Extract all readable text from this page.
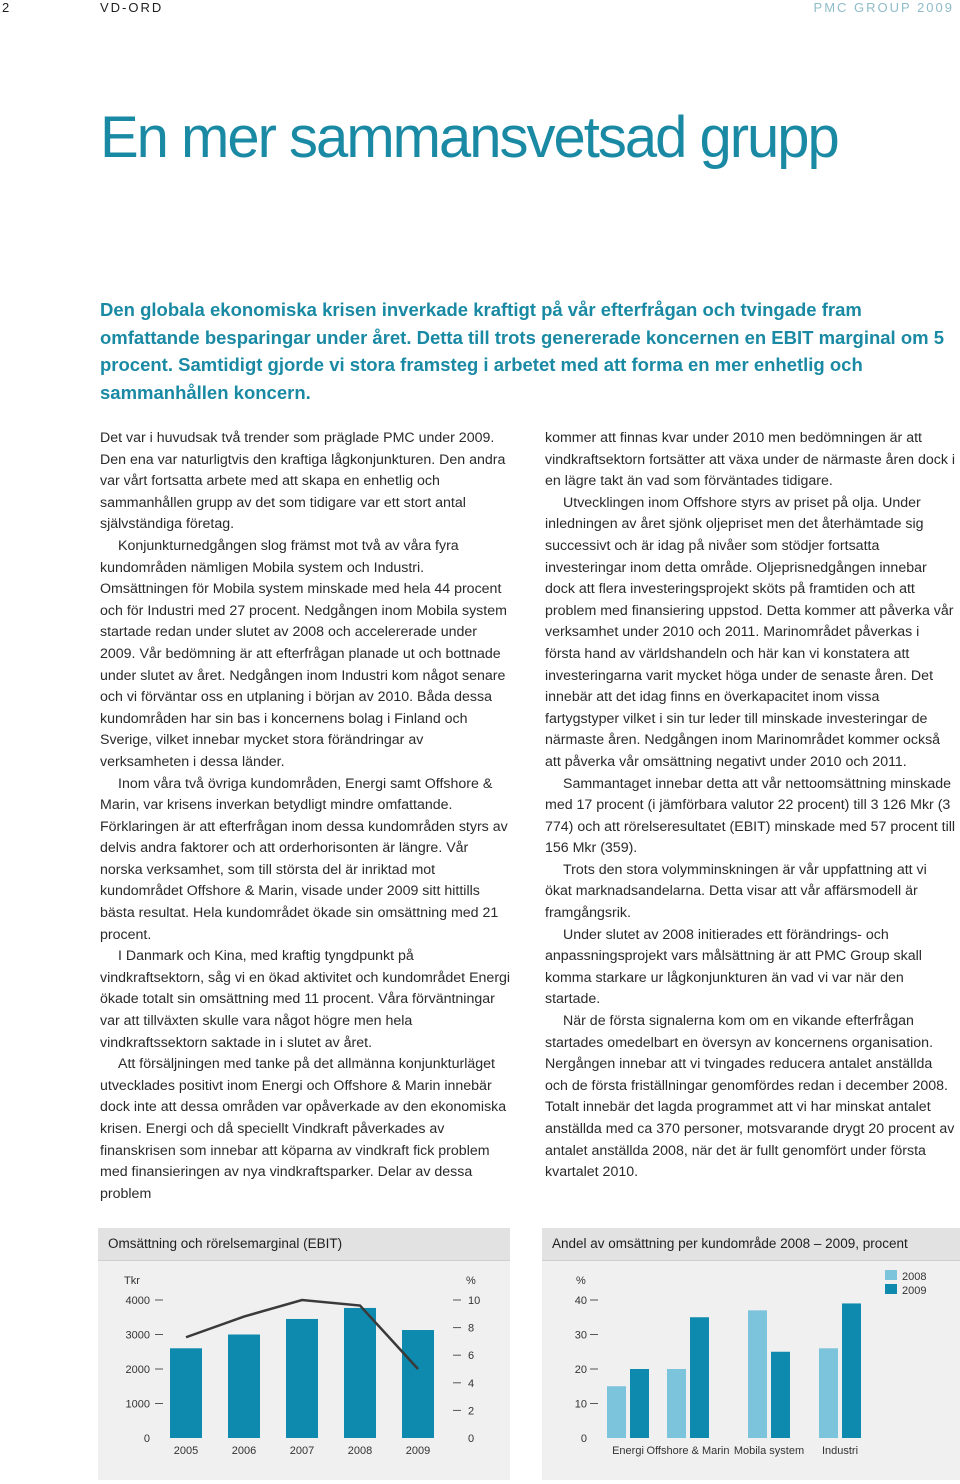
2	VD-ORD	PMC GROUP 2009
En mer sammansvetsad grupp

Den globala ekonomiska krisen inverkade kraftigt på vår efterfrågan och tvingade fram omfattande besparingar under året. Detta till trots genererade koncernen en EBIT marginal om 5 procent. Samtidigt gjorde vi stora framsteg i arbetet med att forma en mer enhetlig och sammanhållen koncern.

Det var i huvudsak två trender som präglade PMC under 2009. Den ena var naturligtvis den kraftiga lågkonjunkturen. Den andra var vårt fortsatta arbete med att skapa en enhetlig och sammanhållen grupp av det som tidigare var ett stort antal självständiga företag.

Konjunkturnedgången slog främst mot två av våra fyra kundområden nämligen Mobila system och Industri. Omsättningen för Mobila system minskade med hela 44 procent och för Industri med 27 procent. Nedgången inom Mobila system startade redan under slutet av 2008 och accelererade under 2009. Vår bedömning är att efterfrågan planade ut och bottnade under slutet av året. Nedgången inom Industri kom något senare och vi förväntar oss en utplaning i början av 2010. Båda dessa kundområden har sin bas i koncernens bolag i Finland och Sverige, vilket innebar mycket stora förändringar av verksamheten i dessa länder.

Inom våra två övriga kundområden, Energi samt Offshore & Marin, var krisens inverkan betydligt mindre omfattande. Förklaringen är att efterfrågan inom dessa kundområden styrs av delvis andra faktorer och att orderhorisonten är längre. Vår norska verksamhet, som till största del är inriktad mot kundområdet Offshore & Marin, visade under 2009 sitt hittills bästa resultat. Hela kundområdet ökade sin omsättning med 21 procent.

I Danmark och Kina, med kraftig tyngdpunkt på vindkraftsektorn, såg vi en ökad aktivitet och kundområdet Energi ökade totalt sin omsättning med 11 procent. Våra förväntningar var att tillväxten skulle vara något högre men hela vindkraftssektorn saktade in i slutet av året.

Att försäljningen med tanke på det allmänna konjunkturläget utvecklades positivt inom Energi och Offshore & Marin innebär dock inte att dessa områden var opåverkade av den ekonomiska krisen. Energi och då speciellt Vindkraft påverkades av finanskrisen som innebar att köparna av vindkraft fick problem med finansieringen av nya vindkraftsparker. Delar av dessa problem

kommer att finnas kvar under 2010 men bedömningen är att vindkraftsektorn fortsätter att växa under de närmaste åren dock i en lägre takt än vad som förväntades tidigare.

Utvecklingen inom Offshore styrs av priset på olja. Under inledningen av året sjönk oljepriset men det återhämtade sig successivt och är idag på nivåer som stödjer fortsatta investeringar inom detta område. Oljeprisnedgången innebar dock att flera investeringsprojekt sköts på framtiden och att problem med finansiering uppstod. Detta kommer att påverka vår verksamhet under 2010 och 2011. Marinområdet påverkas i första hand av världshandeln och här kan vi konstatera att investeringarna varit mycket höga under de senaste åren. Det innebär att det idag finns en överkapacitet inom vissa fartygstyper vilket i sin tur leder till minskade investeringar de närmaste åren. Nedgången inom Marinområdet kommer också att påverka vår omsättning negativt under 2010 och 2011.

Sammantaget innebar detta att vår nettoomsättning minskade med 17 procent (i jämförbara valutor 22 procent) till 3 126 Mkr (3 774) och att rörelseresultatet (EBIT) minskade med 57 procent till 156 Mkr (359).

Trots den stora volymminskningen är vår uppfattning att vi ökat marknadsandelarna. Detta visar att vår affärsmodell är framgångsrik.

Under slutet av 2008 initierades ett förändrings- och anpassningsprojekt vars målsättning är att PMC Group skall komma starkare ur lågkonjunkturen än vad vi var när den startade.

När de första signalerna kom om en vikande efterfrågan startades omedelbart en översyn av koncernens organisation. Nergången innebar att vi tvingades reducera antalet anställda och de första friställningar genomfördes redan i december 2008. Totalt innebär det lagda programmet att vi har minskat antalet anställda med ca 370 personer, motsvarande drygt 20 procent av antalet anställda 2008, när det är fullt genomfört under första kvartalet 2010.

Omsättning och rörelsemarginal (EBIT)
Tkr
0
1000
2000
3000
4000
%
0
2
4
6
8
10
2005	2006	2007	2008	2009
Andel av omsättning per kundområde 2008 – 2009, procent
%
0
10
20
30
40
Energi Offshore & Marin Mobila system Industri
2008
2009
